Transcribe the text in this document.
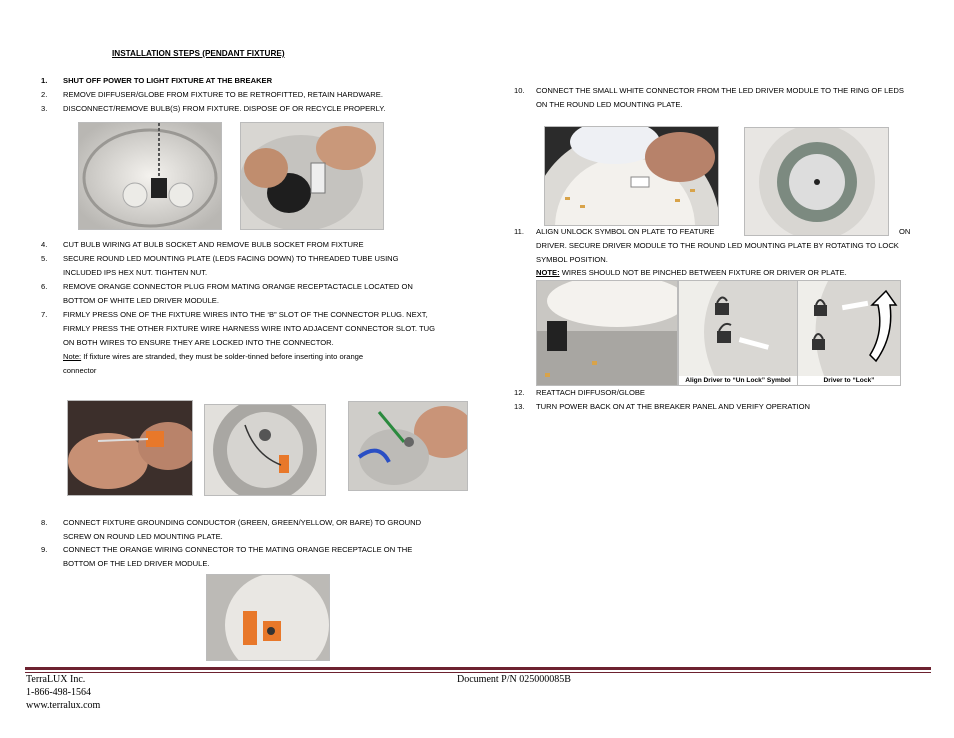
INSTALLATION STEPS (PENDANT FIXTURE)
1. SHUT OFF POWER TO LIGHT FIXTURE AT THE BREAKER
2. REMOVE DIFFUSER/GLOBE FROM FIXTURE TO BE RETROFITTED, RETAIN HARDWARE.
3. DISCONNECT/REMOVE BULB(S) FROM FIXTURE. DISPOSE OF OR RECYCLE PROPERLY.
4. CUT BULB WIRING AT BULB SOCKET AND REMOVE BULB SOCKET FROM FIXTURE
5. SECURE ROUND LED MOUNTING PLATE (LEDS FACING DOWN) TO THREADED TUBE USING
INCLUDED IPS HEX NUT. TIGHTEN NUT.
6. REMOVE ORANGE CONNECTOR PLUG FROM MATING ORANGE RECEPTACTACLE LOCATED ON
BOTTOM OF WHITE LED DRIVER MODULE.
7. FIRMLY PRESS ONE OF THE FIXTURE WIRES INTO THE ‘B” SLOT OF THE CONNECTOR PLUG. NEXT,
FIRMLY PRESS THE OTHER FIXTURE WIRE HARNESS WIRE INTO ADJACENT CONNECTOR SLOT. TUG
ON BOTH WIRES TO ENSURE THEY ARE LOCKED INTO THE CONNECTOR.
Note: If fixture wires are stranded, they must be solder-tinned before inserting into orange
connector
8. CONNECT FIXTURE GROUNDING CONDUCTOR (GREEN, GREEN/YELLOW, OR BARE) TO GROUND
SCREW ON ROUND LED MOUNTING PLATE.
9. CONNECT THE ORANGE WIRING CONNECTOR TO THE MATING ORANGE RECEPTACLE ON THE
BOTTOM OF THE LED DRIVER MODULE.
10. CONNECT THE SMALL WHITE CONNECTOR FROM THE LED DRIVER MODULE TO THE RING OF LEDS
ON THE ROUND LED MOUNTING PLATE.
11. ALIGN UNLOCK SYMBOL ON PLATE TO FEATURE	ON
DRIVER. SECURE DRIVER MODULE TO THE ROUND LED MOUNTING PLATE BY ROTATING TO LOCK
SYMBOL POSITION.
NOTE: WIRES SHOULD NOT BE PINCHED BETWEEN FIXTURE OR DRIVER OR PLATE.
Align Driver to “Un Lock” Symbol	Driver to “Lock”
12. REATTACH DIFFUSOR/GLOBE
13. TURN POWER BACK ON AT THE BREAKER PANEL AND VERIFY OPERATION
TerraLUX Inc.
1-866-498-1564
www.terralux.com
Document P/N 025000085B
